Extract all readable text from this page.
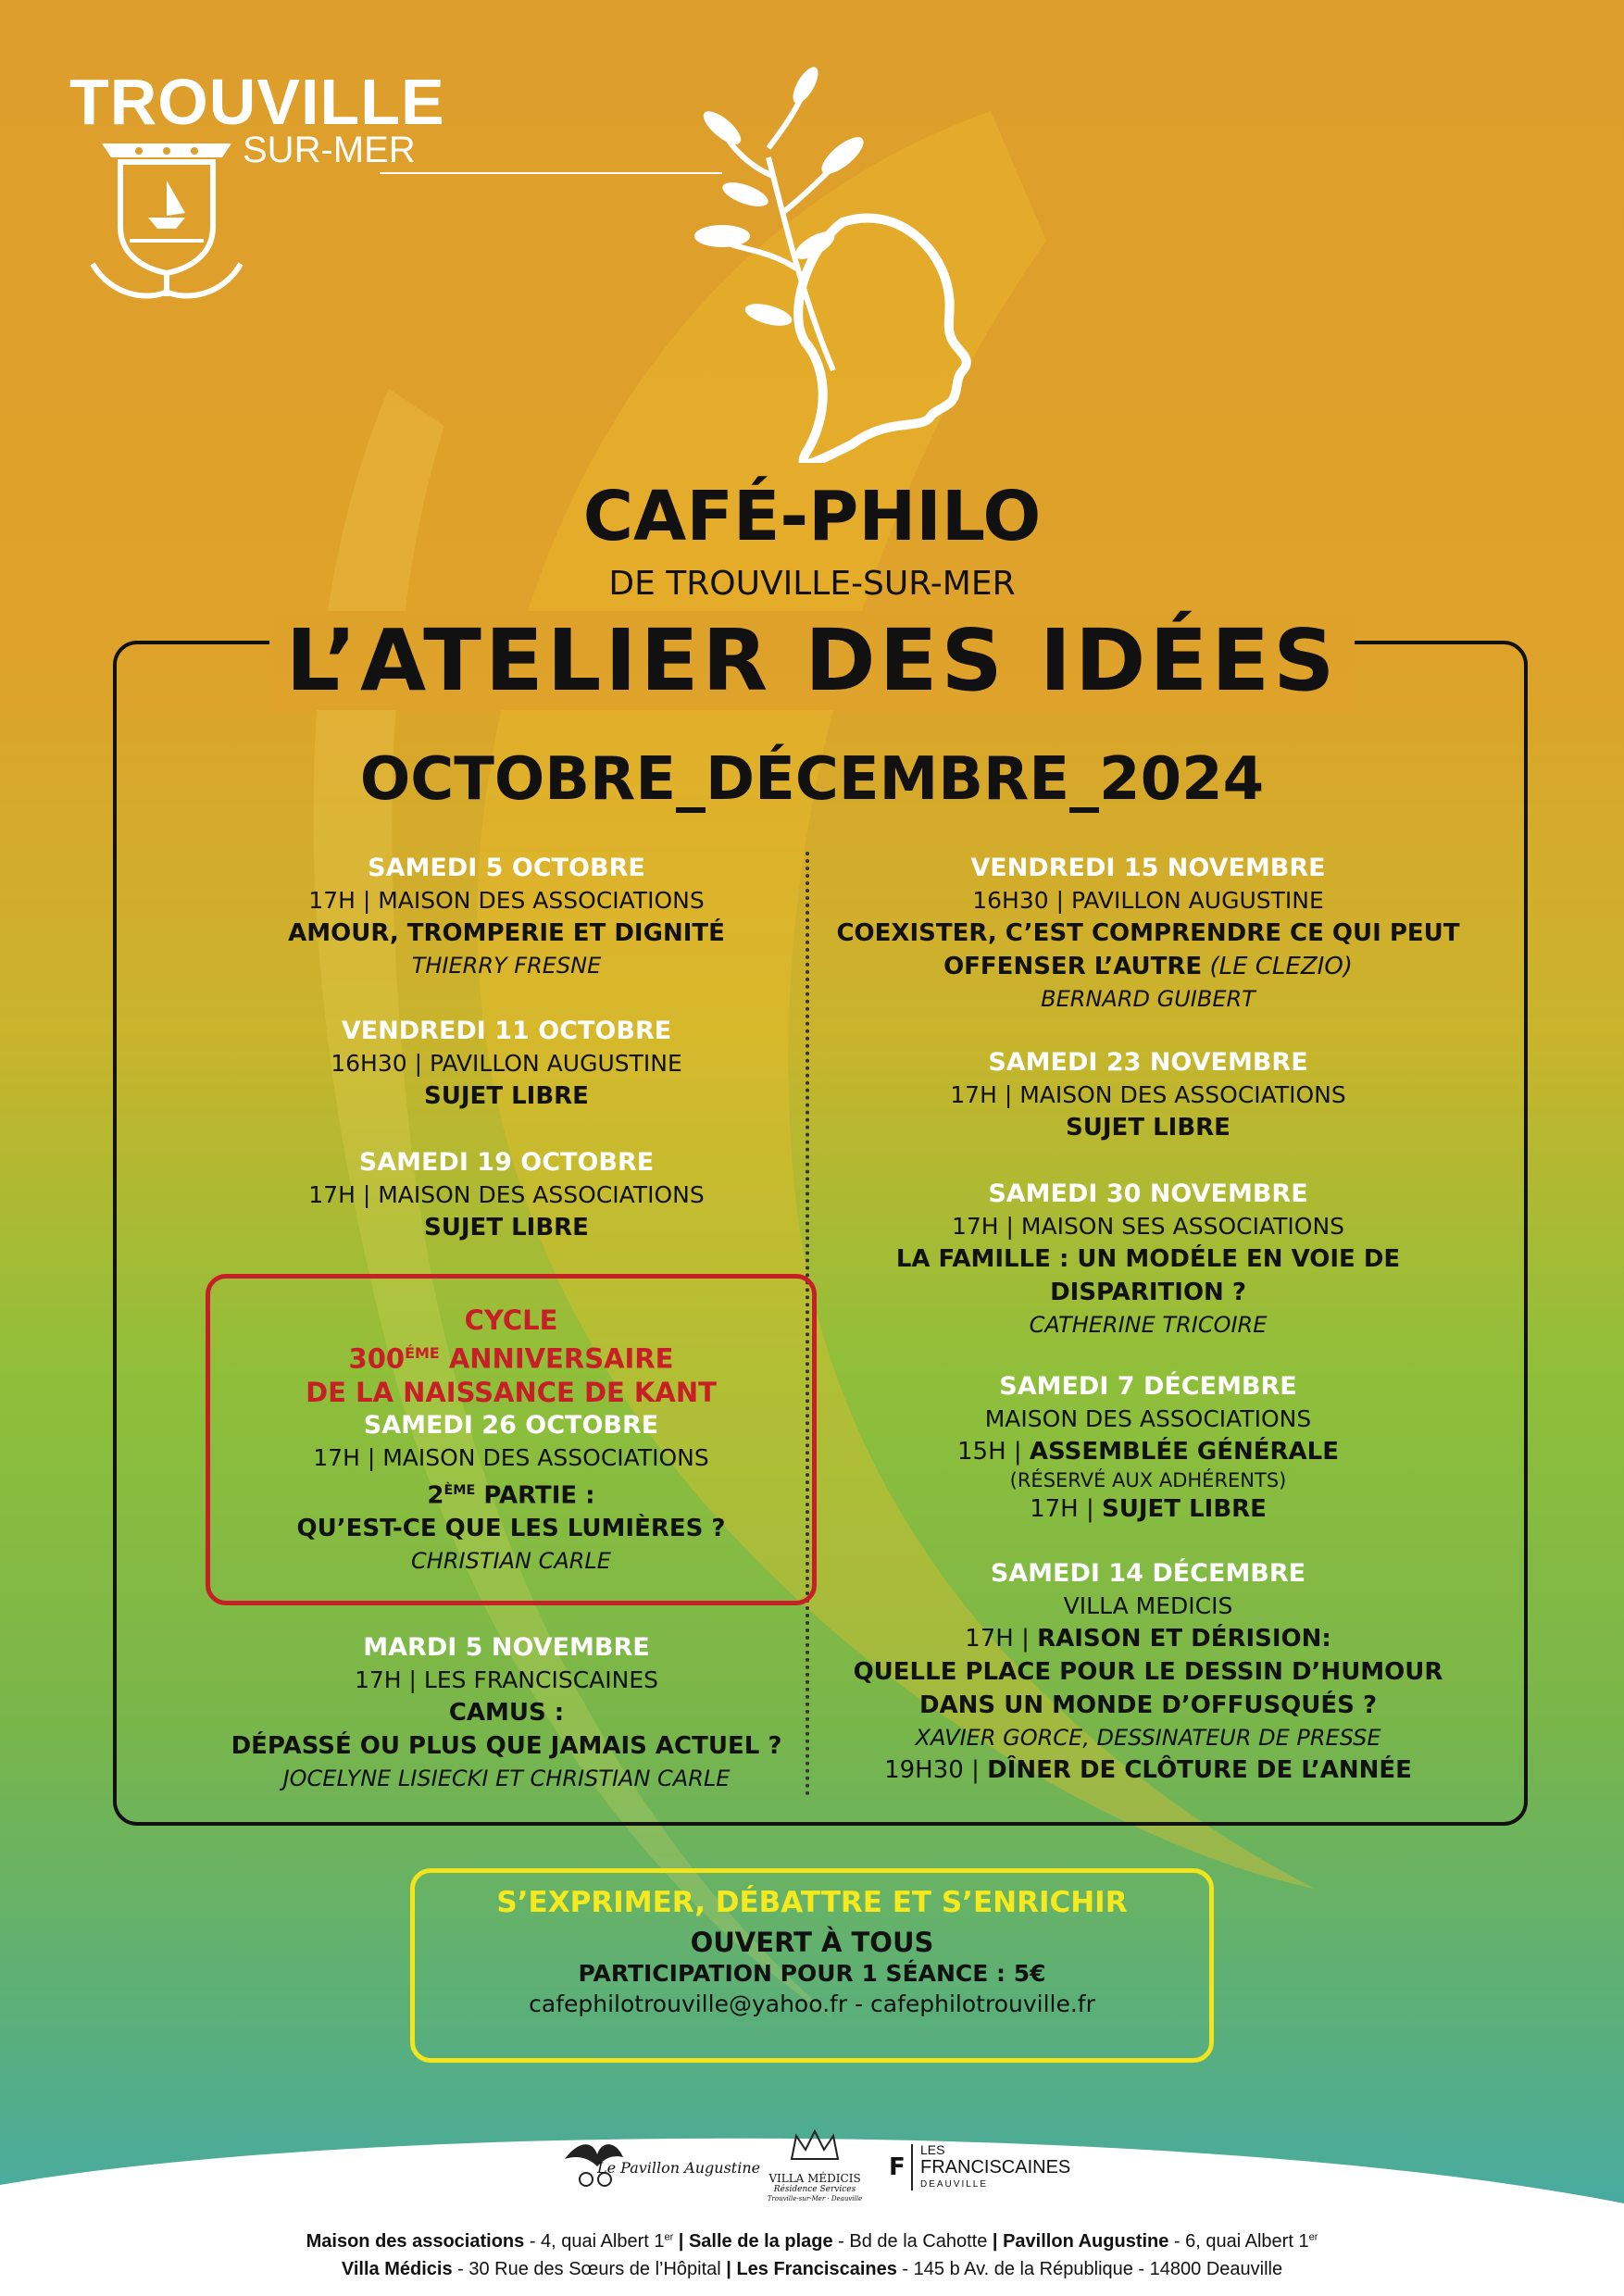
TROUVILLE
SUR-MER
CAFÉ-PHILO
DE TROUVILLE-SUR-MER
L’ATELIER DES IDÉES
OCTOBRE_DÉCEMBRE_2024
SAMEDI 5 OCTOBRE
17H | MAISON DES ASSOCIATIONS
AMOUR, TROMPERIE ET DIGNITÉ
THIERRY FRESNE
VENDREDI 11 OCTOBRE
16H30 | PAVILLON AUGUSTINE
SUJET LIBRE
SAMEDI 19 OCTOBRE
17H | MAISON DES ASSOCIATIONS
SUJET LIBRE
CYCLE
$300^{ÉME}$ ANNIVERSAIRE
DE LA NAISSANCE DE KANT
SAMEDI 26 OCTOBRE
17H | MAISON DES ASSOCIATIONS
2ÈME PARTIE :
QU’EST-CE QUE LES LUMIÈRES ?
CHRISTIAN CARLE
MARDI 5 NOVEMBRE
17H | LES FRANCISCAINES
CAMUS :
DÉPASSÉ OU PLUS QUE JAMAIS ACTUEL ?
JOCELYNE LISIECKI ET CHRISTIAN CARLE
VENDREDI 15 NOVEMBRE
16H30 | PAVILLON AUGUSTINE
COEXISTER, C’EST COMPRENDRE CE QUI PEUT
OFFENSER L’AUTRE (LE CLEZIO)
BERNARD GUIBERT
SAMEDI 23 NOVEMBRE
17H | MAISON DES ASSOCIATIONS
SUJET LIBRE
SAMEDI 30 NOVEMBRE
17H | MAISON SES ASSOCIATIONS
LA FAMILLE : UN MODÉLE EN VOIE DE
DISPARITION ?
CATHERINE TRICOIRE
SAMEDI 7 DÉCEMBRE
MAISON DES ASSOCIATIONS
15H | ASSEMBLÉE GÉNÉRALE
(RÉSERVÉ AUX ADHÉRENTS)
17H | SUJET LIBRE
SAMEDI 14 DÉCEMBRE
VILLA MEDICIS
17H | RAISON ET DÉRISION:
QUELLE PLACE POUR LE DESSIN D’HUMOUR
DANS UN MONDE D’OFFUSQUÉS ?
XAVIER GORCE, DESSINATEUR DE PRESSE
19H30 | DÎNER DE CLÔTURE DE L’ANNÉE
S’EXPRIMER, DÉBATTRE ET S’ENRICHIR
OUVERT À TOUS
PARTICIPATION POUR 1 SÉANCE : 5€
cafephilotrouville@yahoo.fr - cafephilotrouville.fr
Le Pavillon Augustine
VILLA MÉDICIS
Résidence Services
Trouville-sur-Mer · Deauville
F
LES
FRANCISCAINES
DEAUVILLE
Maison des associations - 4, quai Albert 1er | Salle de la plage - Bd de la Cahotte | Pavillon Augustine - 6, quai Albert 1er
Villa Médicis - 30 Rue des Sœurs de l’Hôpital | Les Franciscaines - 145 b Av. de la République - 14800 Deauville
